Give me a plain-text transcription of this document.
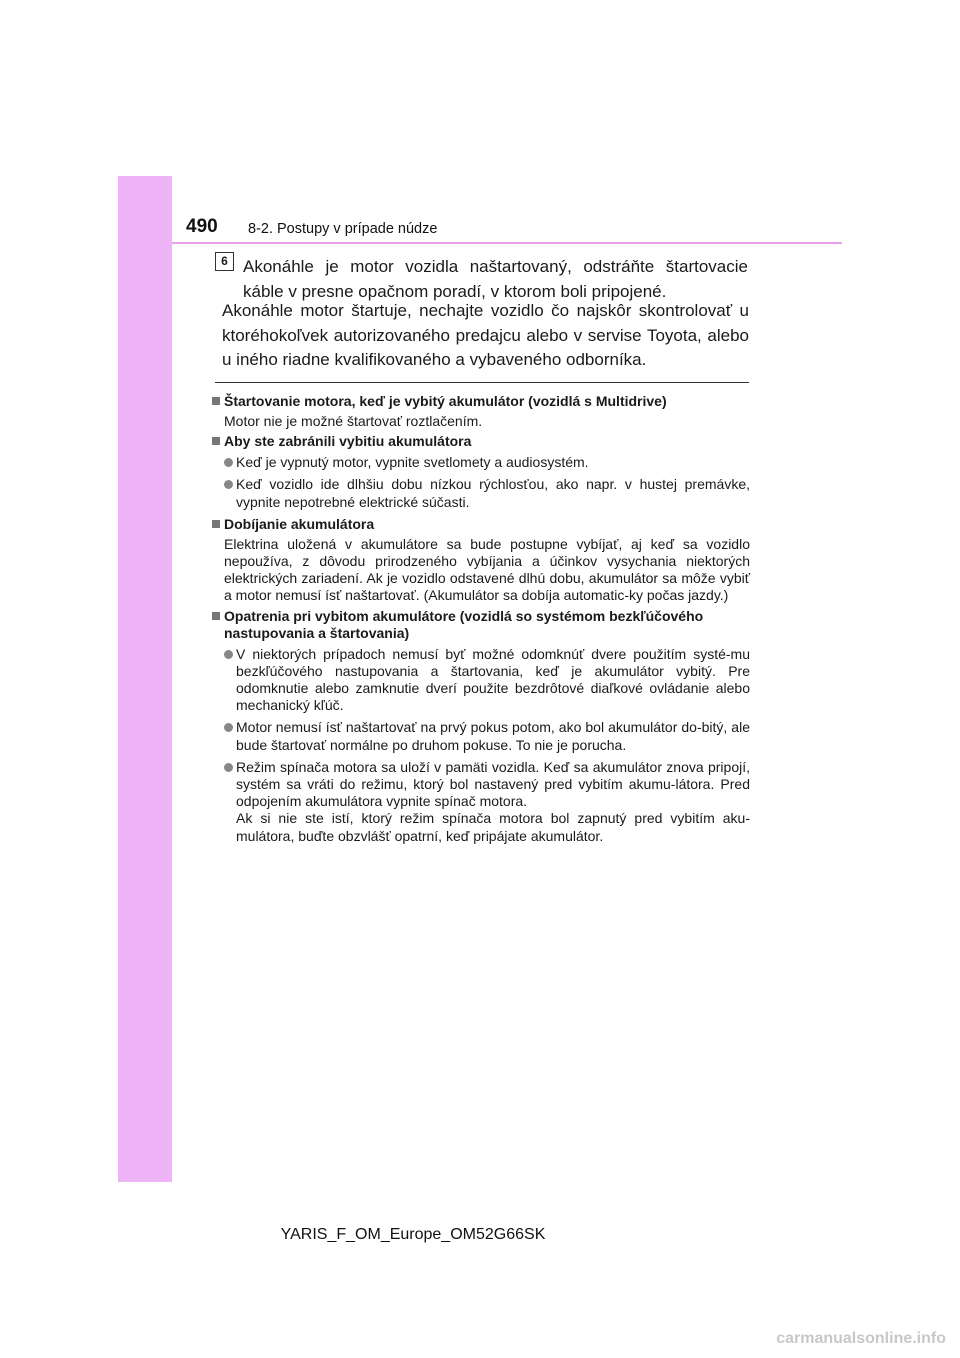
490 8-2. Postupy v prípade núdze
6 Akonáhle je motor vozidla naštartovaný, odstráňte štartovacie káble v presne opačnom poradí, v ktorom boli pripojené.
Akonáhle motor štartuje, nechajte vozidlo čo najskôr skontrolovať u ktoréhokoľvek autorizovaného predajcu alebo v servise Toyota, alebo u iného riadne kvalifikovaného a vybaveného odborníka.
Štartovanie motora, keď je vybitý akumulátor (vozidlá s Multidrive)
Motor nie je možné štartovať roztlačením.
Aby ste zabránili vybitiu akumulátora

Keď je vypnutý motor, vypnite svetlomety a audiosystém.

Keď vozidlo ide dlhšiu dobu nízkou rýchlosťou, ako napr. v hustej premávke, vypnite nepotrebné elektrické súčasti.

Dobíjanie akumulátora
Elektrina uložená v akumulátore sa bude postupne vybíjať, aj keď sa vozidlo nepoužíva, z dôvodu prirodzeného vybíjania a účinkov vysychania niektorých elektrických zariadení. Ak je vozidlo odstavené dlhú dobu, akumulátor sa môže vybiť a motor nemusí ísť naštartovať. (Akumulátor sa dobíja automatic-ky počas jazdy.)
Opatrenia pri vybitom akumulátore (vozidlá so systémom bezkľúčového nastupovania a štartovania)

V niektorých prípadoch nemusí byť možné odomknúť dvere použitím systé-mu bezkľúčového nastupovania a štartovania, keď je akumulátor vybitý. Pre odomknutie alebo zamknutie dverí použite bezdrôtové diaľkové ovládanie alebo mechanický kľúč.

Motor nemusí ísť naštartovať na prvý pokus potom, ako bol akumulátor do-bitý, ale bude štartovať normálne po druhom pokuse. To nie je porucha.

Režim spínača motora sa uloží v pamäti vozidla. Keď sa akumulátor znova pripojí, systém sa vráti do režimu, ktorý bol nastavený pred vybitím akumu-látora. Pred odpojením akumulátora vypnite spínač motora.

Ak si nie ste istí, ktorý režim spínača motora bol zapnutý pred vybitím aku-mulátora, buďte obzvlášť opatrní, keď pripájate akumulátor.

YARIS_F_OM_Europe_OM52G66SK
carmanualsonline.info
